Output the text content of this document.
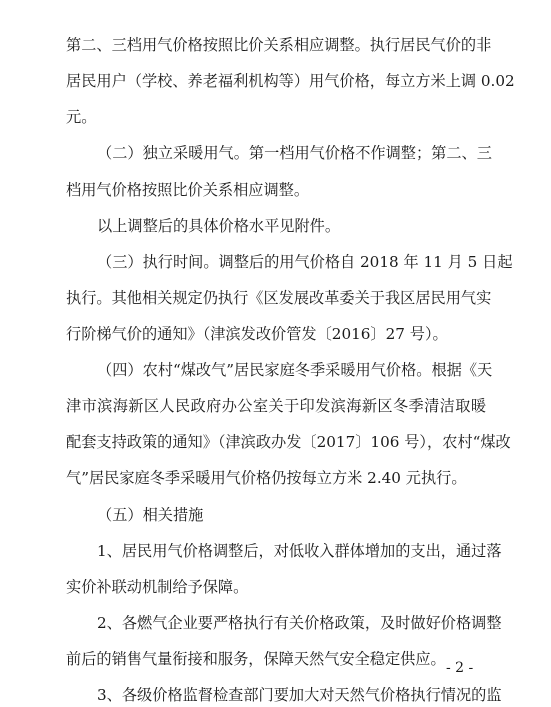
第二、三档用气价格按照比价关系相应调整。执行居民气价的非
居民用户（学校、养老福利机构等）用气价格，每立方米上调 0.02
元。
（二）独立采暖用气。第一档用气价格不作调整；第二、三
档用气价格按照比价关系相应调整。
以上调整后的具体价格水平见附件。
（三）执行时间。调整后的用气价格自 2018 年 11 月 5 日起
执行。其他相关规定仍执行《区发展改革委关于我区居民用气实
行阶梯气价的通知》（津滨发改价管发〔2016〕27 号）。
（四）农村“煤改气”居民家庭冬季采暖用气价格。根据《天
津市滨海新区人民政府办公室关于印发滨海新区冬季清洁取暖
配套支持政策的通知》（津滨政办发〔2017〕106 号），农村“煤改
气”居民家庭冬季采暖用气价格仍按每立方米 2.40 元执行。
（五）相关措施
1、居民用气价格调整后，对低收入群体增加的支出，通过落
实价补联动机制给予保障。
2、各燃气企业要严格执行有关价格政策，及时做好价格调整
前后的销售气量衔接和服务，保障天然气安全稳定供应。
3、各级价格监督检查部门要加大对天然气价格执行情况的监
- 2 -
